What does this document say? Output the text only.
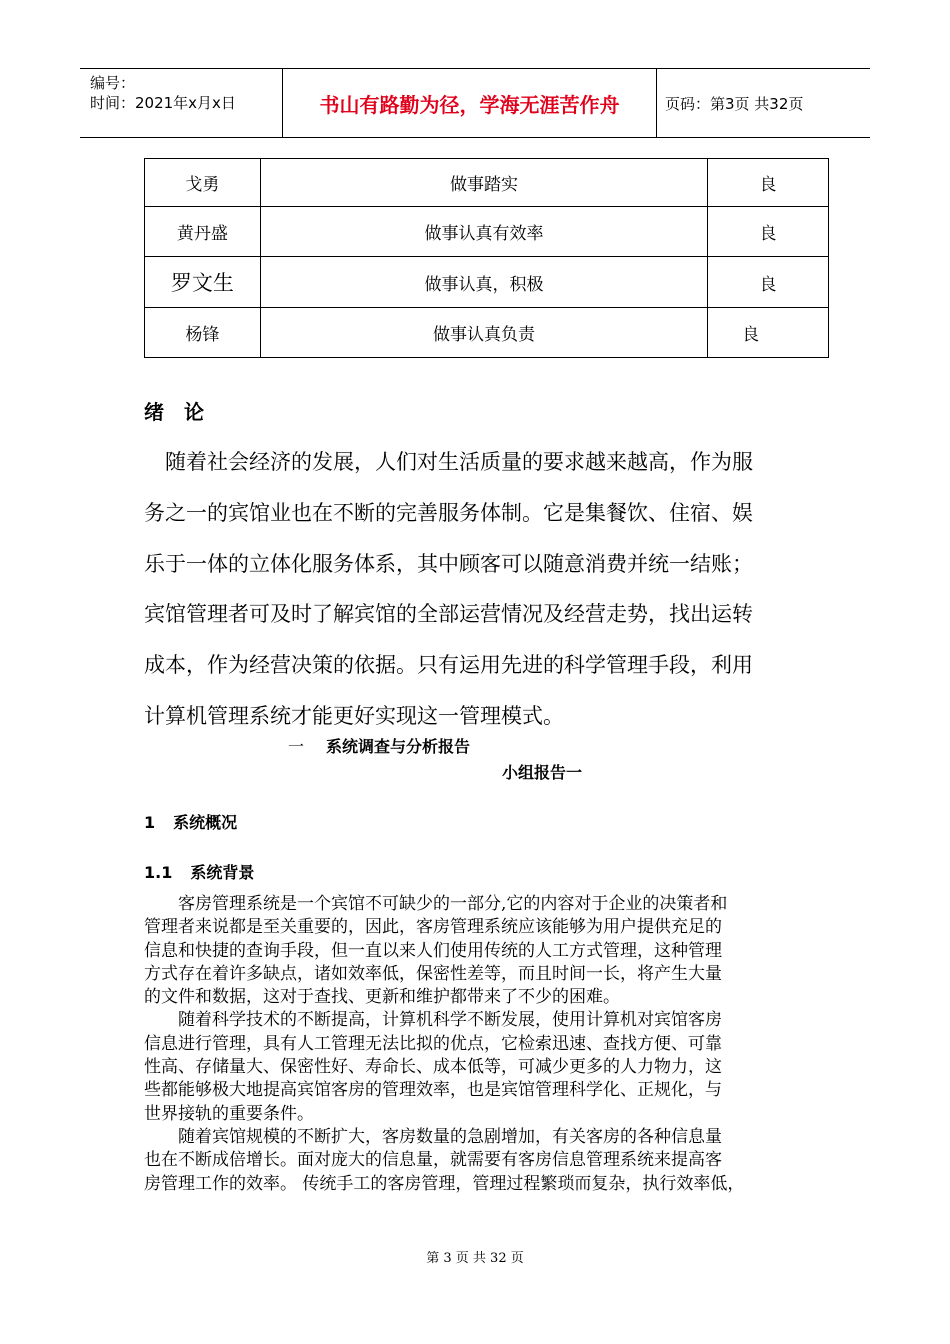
编号：
时间：2021年x月x日	书山有路勤为径，学海无涯苦作舟	页码：第3页 共32页
戈勇	做事踏实	良
黄丹盛	做事认真有效率	良
罗文生	做事认真，积极	良
杨锋	做事认真负责	良
绪论
随着社会经济的发展，人们对生活质量的要求越来越高，作为服
务之一的宾馆业也在不断的完善服务体制。它是集餐饮、住宿、娱
乐于一体的立体化服务体系，其中顾客可以随意消费并统一结账；
宾馆管理者可及时了解宾馆的全部运营情况及经营走势，找出运转
成本，作为经营决策的依据。只有运用先进的科学管理手段，利用
计算机管理系统才能更好实现这一管理模式。
一 系统调查与分析报告
小组报告一
1 系统概况
1.1 系统背景
客房管理系统是一个宾馆不可缺少的一部分,它的内容对于企业的决策者和
管理者来说都是至关重要的，因此，客房管理系统应该能够为用户提供充足的
信息和快捷的查询手段，但一直以来人们使用传统的人工方式管理，这种管理
方式存在着许多缺点，诸如效率低，保密性差等，而且时间一长，将产生大量
的文件和数据，这对于查找、更新和维护都带来了不少的困难。
随着科学技术的不断提高，计算机科学不断发展，使用计算机对宾馆客房
信息进行管理，具有人工管理无法比拟的优点，它检索迅速、查找方便、可靠
性高、存储量大、保密性好、寿命长、成本低等，可减少更多的人力物力，这
些都能够极大地提高宾馆客房的管理效率，也是宾馆管理科学化、正规化，与
世界接轨的重要条件。
随着宾馆规模的不断扩大，客房数量的急剧增加，有关客房的各种信息量
也在不断成倍增长。面对庞大的信息量，就需要有客房信息管理系统来提高客
房管理工作的效率。 传统手工的客房管理，管理过程繁琐而复杂，执行效率低，
第 3 页 共 32 页
